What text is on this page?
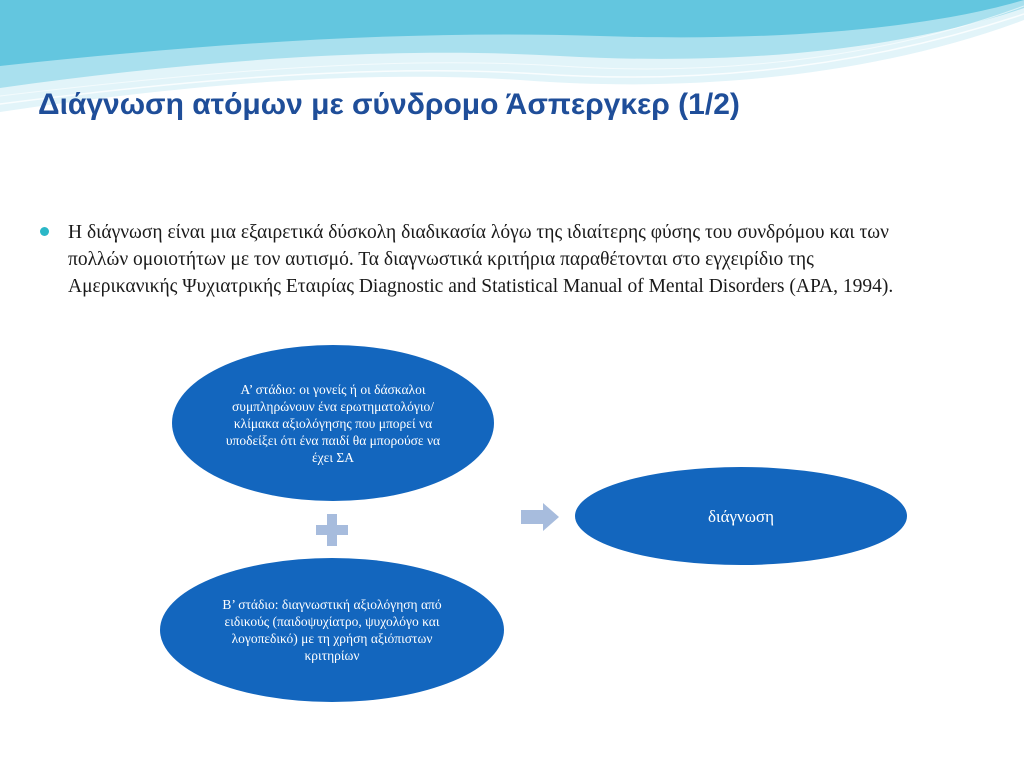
Διάγνωση ατόμων με σύνδρομο Άσπεργκερ (1/2)

Η διάγνωση είναι μια εξαιρετικά δύσκολη διαδικασία λόγω της ιδιαίτερης φύσης του συνδρόμου και των πολλών ομοιοτήτων με τον αυτισμό. Τα διαγνωστικά κριτήρια παραθέτονται στο εγχειρίδιο της Αμερικανικής Ψυχιατρικής Εταιρίας Diagnostic and Statistical Manual of Mental Disorders (APA, 1994).

Α’ στάδιο: οι γονείς ή οι δάσκαλοι συμπληρώνουν ένα ερωτηματολόγιο/κλίμακα αξιολόγησης που μπορεί να υποδείξει ότι ένα παιδί θα μπορούσε να έχει ΣΑ
Β’ στάδιο: διαγνωστική αξιολόγηση από ειδικούς (παιδοψυχίατρο, ψυχολόγο και λογοπεδικό) με τη χρήση αξιόπιστων κριτηρίων
διάγνωση
